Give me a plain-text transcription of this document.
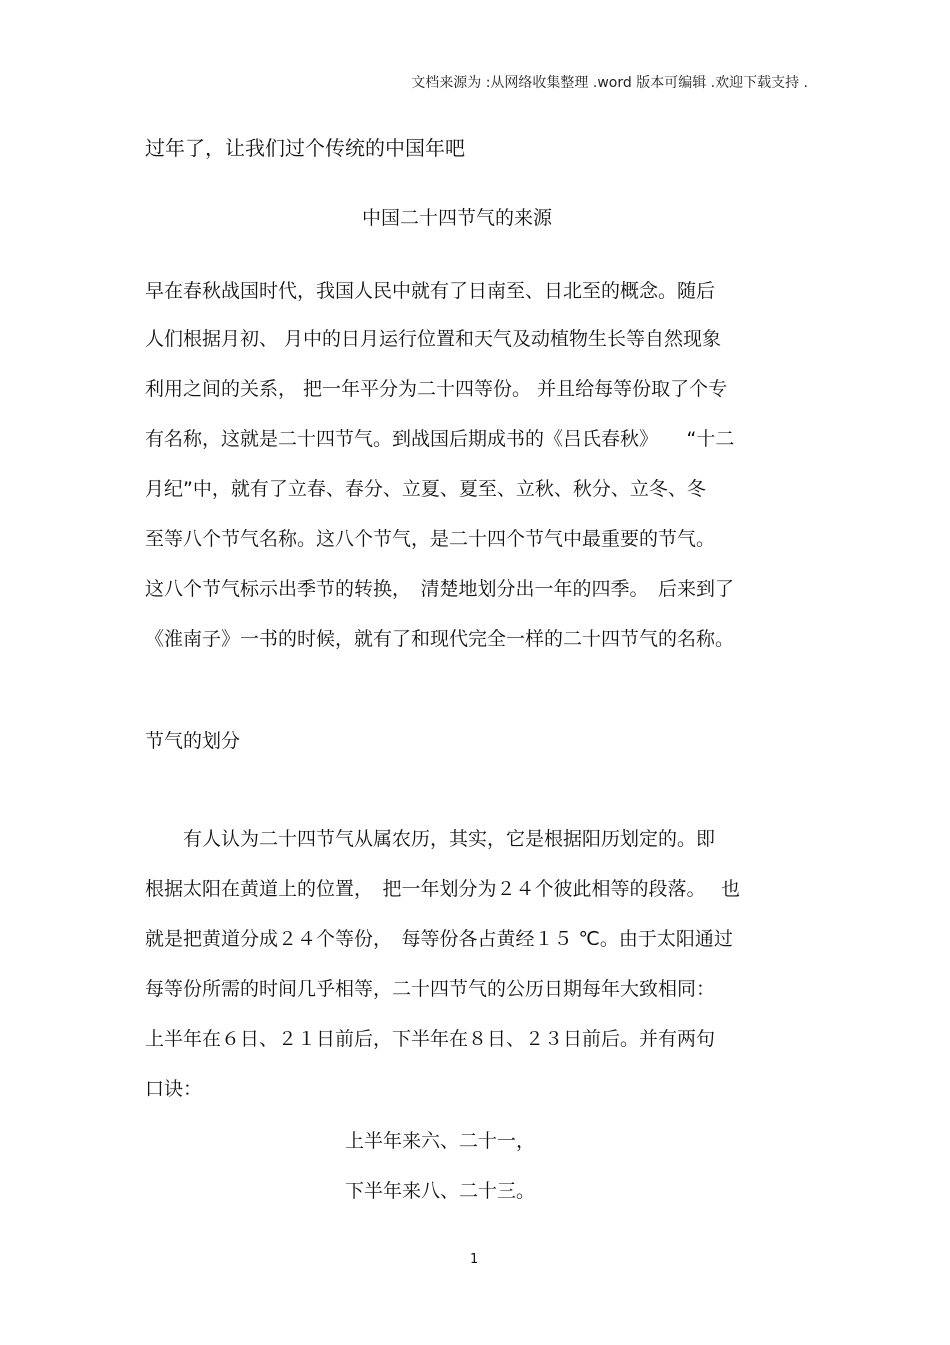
文档来源为 :从网络收集整理 .word 版本可编辑 .欢迎下载支持 .
过年了，让我们过个传统的中国年吧
中国二十四节气的来源
早在春秋战国时代，我国人民中就有了日南至、日北至的概念。随后
人们根据月初、 月中的日月运行位置和天气及动植物生长等自然现象
利用之间的关系， 把一年平分为二十四等份。 并且给每等份取了个专
有名称，这就是二十四节气。到战国后期成书的《吕氏春秋》　　“十二
月纪”中，就有了立春、春分、立夏、夏至、立秋、秋分、立冬、冬
至等八个节气名称。这八个节气，是二十四个节气中最重要的节气。
这八个节气标示出季节的转换，　清楚地划分出一年的四季。　后来到了
《淮南子》一书的时候，就有了和现代完全一样的二十四节气的名称。
节气的划分
　　有人认为二十四节气从属农历，其实，它是根据阳历划定的。即
根据太阳在黄道上的位置，　把一年划分为２４个彼此相等的段落。　 也
就是把黄道分成２４个等份，　每等份各占黄经１５ ℃。由于太阳通过
每等份所需的时间几乎相等，二十四节气的公历日期每年大致相同：
上半年在６日、２１日前后，下半年在８日、２３日前后。并有两句
口诀：
上半年来六、二十一，
下半年来八、二十三。
1
